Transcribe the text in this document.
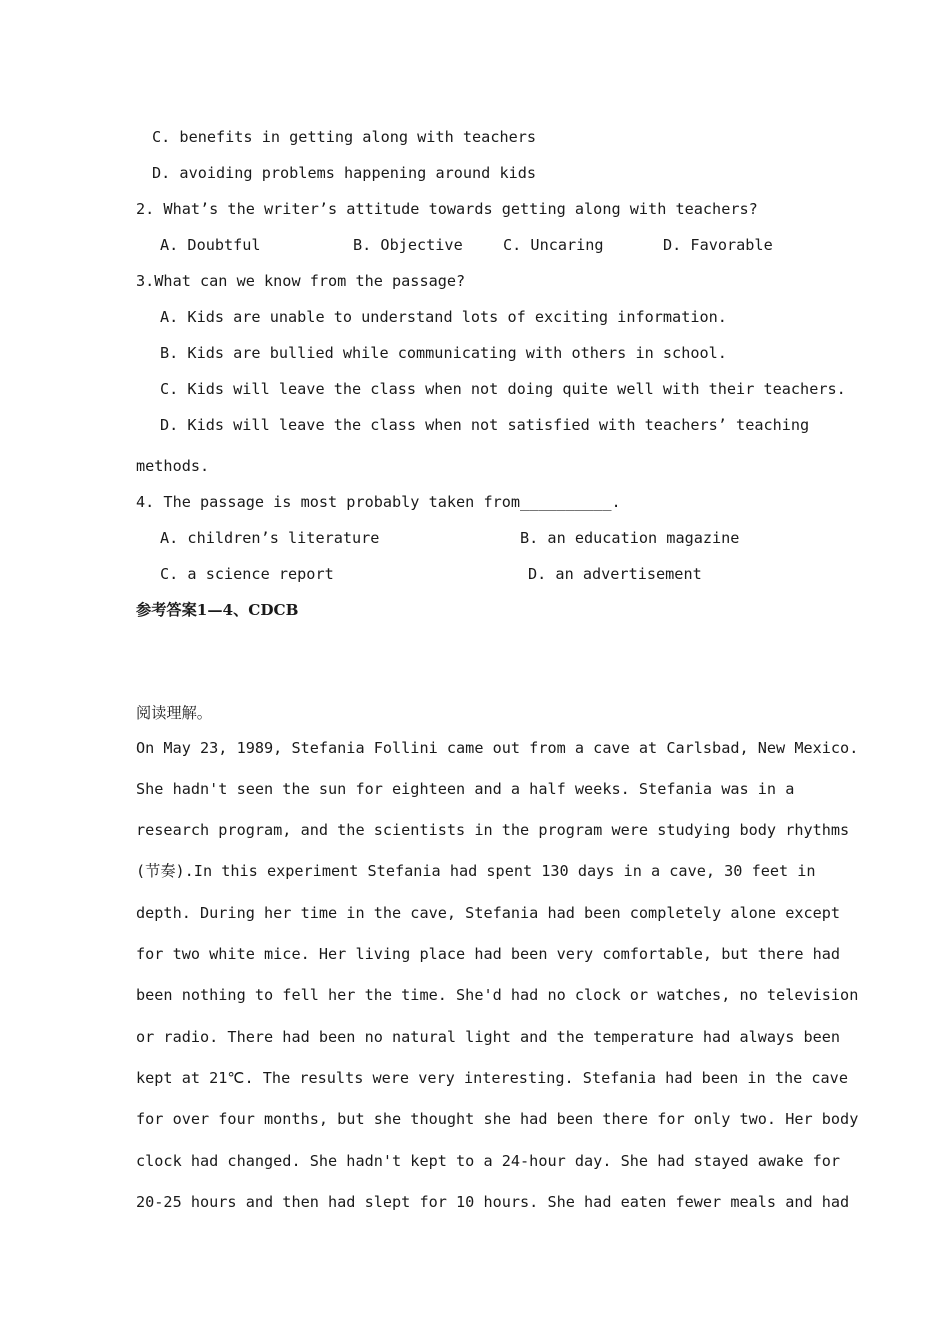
C. benefits in getting along with teachers
D. avoiding problems happening around kids
2. What’s the writer’s attitude towards getting along with teachers?
A. Doubtful	B. Objective	C. Uncaring	D. Favorable
3.What can we know from the passage?
A. Kids are unable to understand lots of exciting information.
B. Kids are bullied while communicating with others in school.
C. Kids will leave the class when not doing quite well with their teachers.
D. Kids will leave the class when not satisfied with teachers’ teaching
methods.
4. The passage is most probably taken from__________.
A. children’s literature	B. an education magazine
C. a science report	D. an advertisement
参考答案1—4、CDCB
阅读理解。
On May 23, 1989, Stefania Follini came out from a cave at Carlsbad, New Mexico.
She hadn't seen the sun for eighteen and a half weeks. Stefania was in a
research program, and the scientists in the program were studying body rhythms
(节奏).In this experiment Stefania had spent 130 days in a cave, 30 feet in
depth. During her time in the cave, Stefania had been completely alone except
for two white mice. Her living place had been very comfortable, but there had
been nothing to fell her the time. She'd had no clock or watches, no television
or radio. There had been no natural light and the temperature had always been
kept at 21℃. The results were very interesting. Stefania had been in the cave
for over four months, but she thought she had been there for only two. Her body
clock had changed. She hadn't kept to a 24-hour day. She had stayed awake for
20-25 hours and then had slept for 10 hours. She had eaten fewer meals and had
